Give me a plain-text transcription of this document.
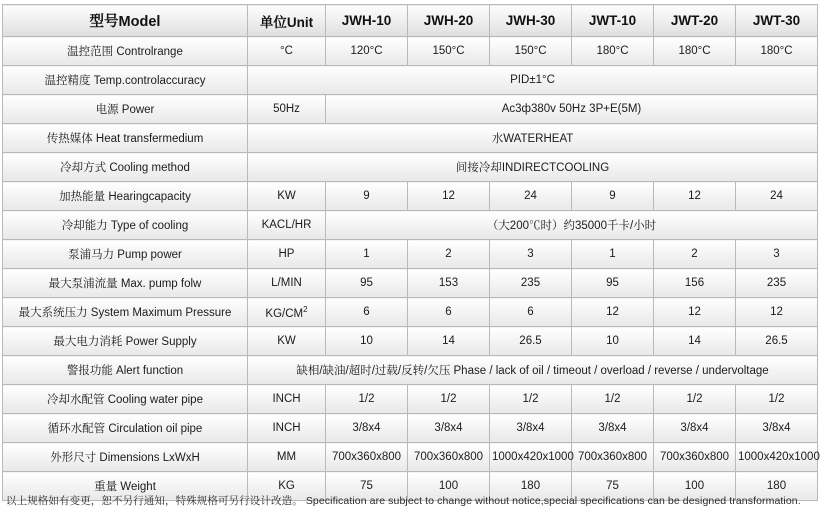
型号Model	单位Unit	JWH-10	JWH-20	JWH-30	JWT-10	JWT-20	JWT-30
温控范围 Controlrange	°C	120°C	150°C	150°C	180°C	180°C	180°C
温控精度 Temp.controlaccuracy	PID±1°C						
电源 Power	50Hz	Ac3ф380v 50Hz 3P+E(5M)					
传热媒体 Heat transfermedium	水WATERHEAT						
冷却方式 Cooling method	间接冷却INDIRECTCOOLING						
加热能量 Hearingcapacity	KW	9	12	24	9	12	24
冷却能力 Type of cooling	KACL/HR	（大200℃时）约35000千卡/小时					
泵浦马力 Pump power	HP	1	2	3	1	2	3
最大泵浦流量 Max. pump folw	L/MIN	95	153	235	95	156	235
最大系统压力 System Maximum Pressure	$KG/CM^2$	6	6	6	12	12	12
最大电力消耗 Power Supply	KW	10	14	26.5	10	14	26.5
警报功能 Alert function	缺相/缺油/超时/过载/反转/欠压 Phase / lack of oil / timeout / overload / reverse / undervoltage						
冷却水配管 Cooling water pipe	INCH	1/2	1/2	1/2	1/2	1/2	1/2
循环水配管 Circulation oil pipe	INCH	3/8x4	3/8x4	3/8x4	3/8x4	3/8x4	3/8x4
外形尺寸 Dimensions LxWxH	MM	700x360x800	700x360x800	1000x420x1000	700x360x800	700x360x800	1000x420x1000
重量 Weight	KG	75	100	180	75	100	180
以上规格如有变更，恕不另行通知，特殊规格可另行设计改造。 Specification are subject to change without notice,special specifications can be designed transformation.
